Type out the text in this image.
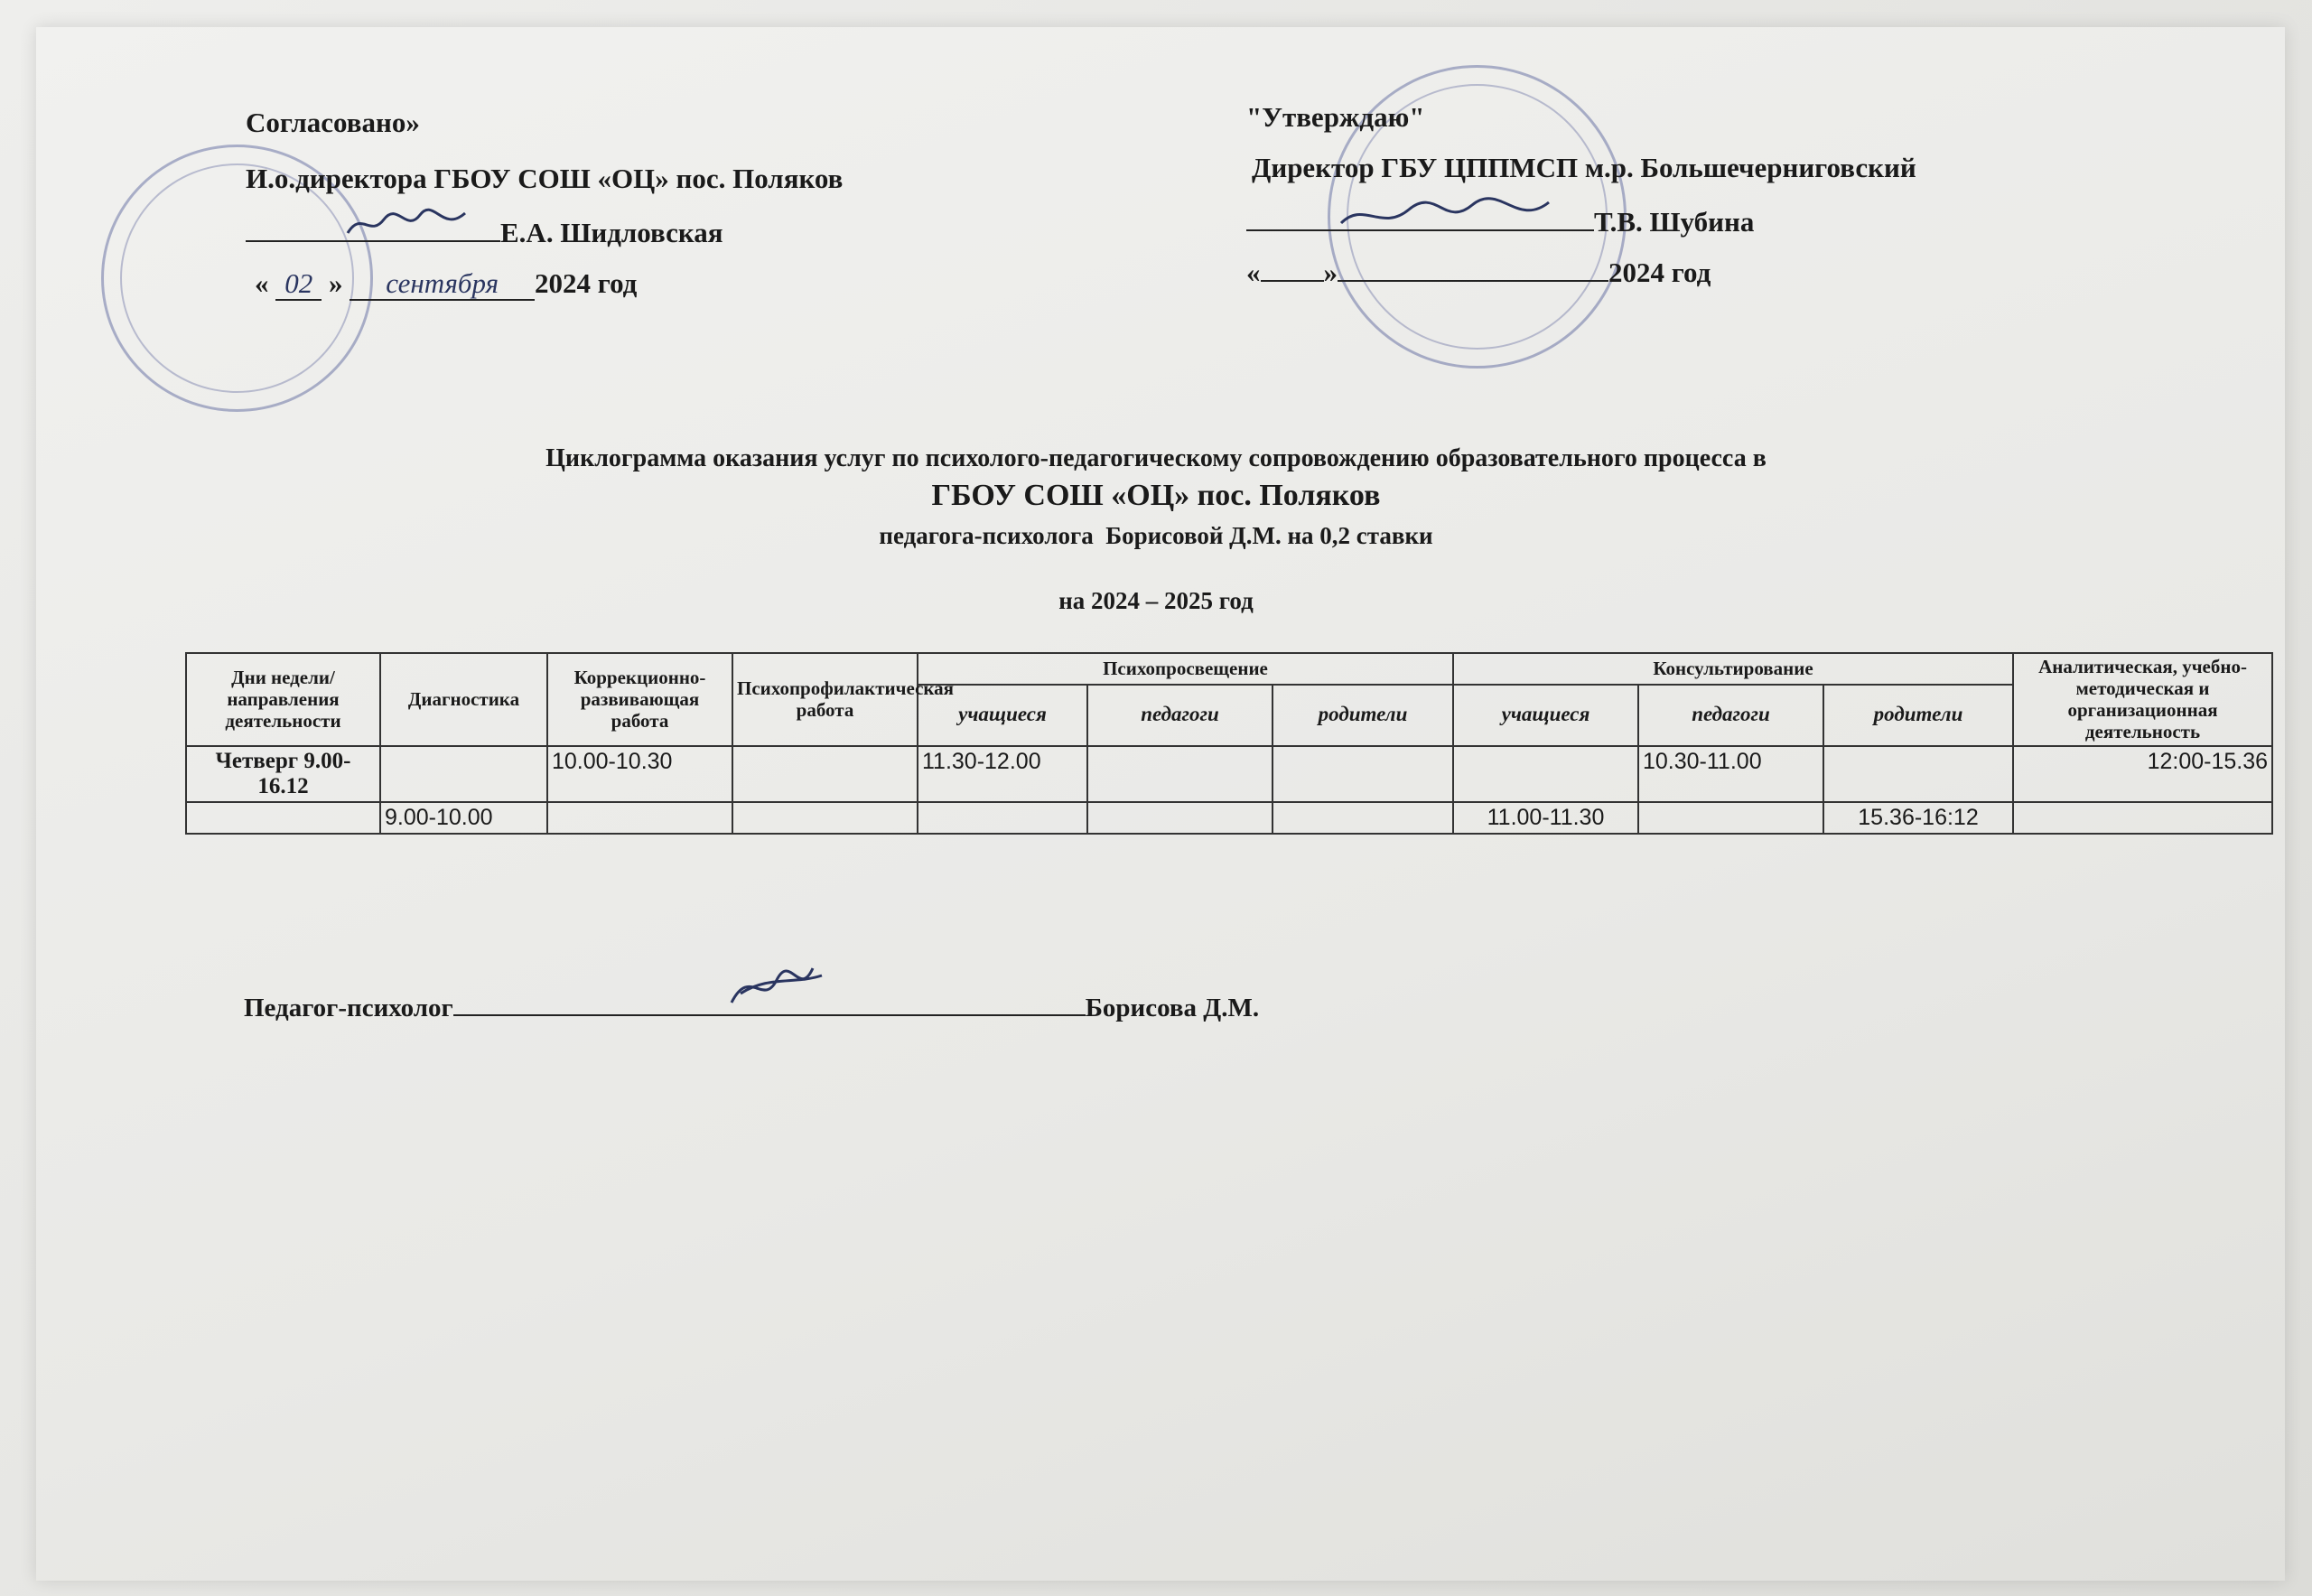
Согласовано»
И.о.директора ГБОУ СОШ «ОЦ» пос. Поляков
Е.А. Шидловская
« 02 » сентября 2024 год
"Утверждаю"
Директор ГБУ ЦППМСП м.р. Большечерниговский
Т.В. Шубина
« »	2024 год
Циклограмма оказания услуг по психолого-педагогическому сопровождению образовательного процесса в
ГБОУ СОШ «ОЦ» пос. Поляков
педагога-психолога  Борисовой Д.М. на 0,2 ставки
на 2024 – 2025 год
Дни недели/направления деятельности	Диагностика	Коррекционно-развивающая работа	Психопрофилактическая работа	Психопросвещение			Консультирование			Аналитическая, учебно-методическая и организационная деятельность
				учащиеся	педагоги	родители	учащиеся	педагоги	родители	
Четверг 9.00-16.12		10.00-10.30		11.30-12.00				10.30-11.00		12:00-15.36
	9.00-10.00						11.00-11.30		15.36-16:12	
Педагог-психолог	Борисова Д.М.
